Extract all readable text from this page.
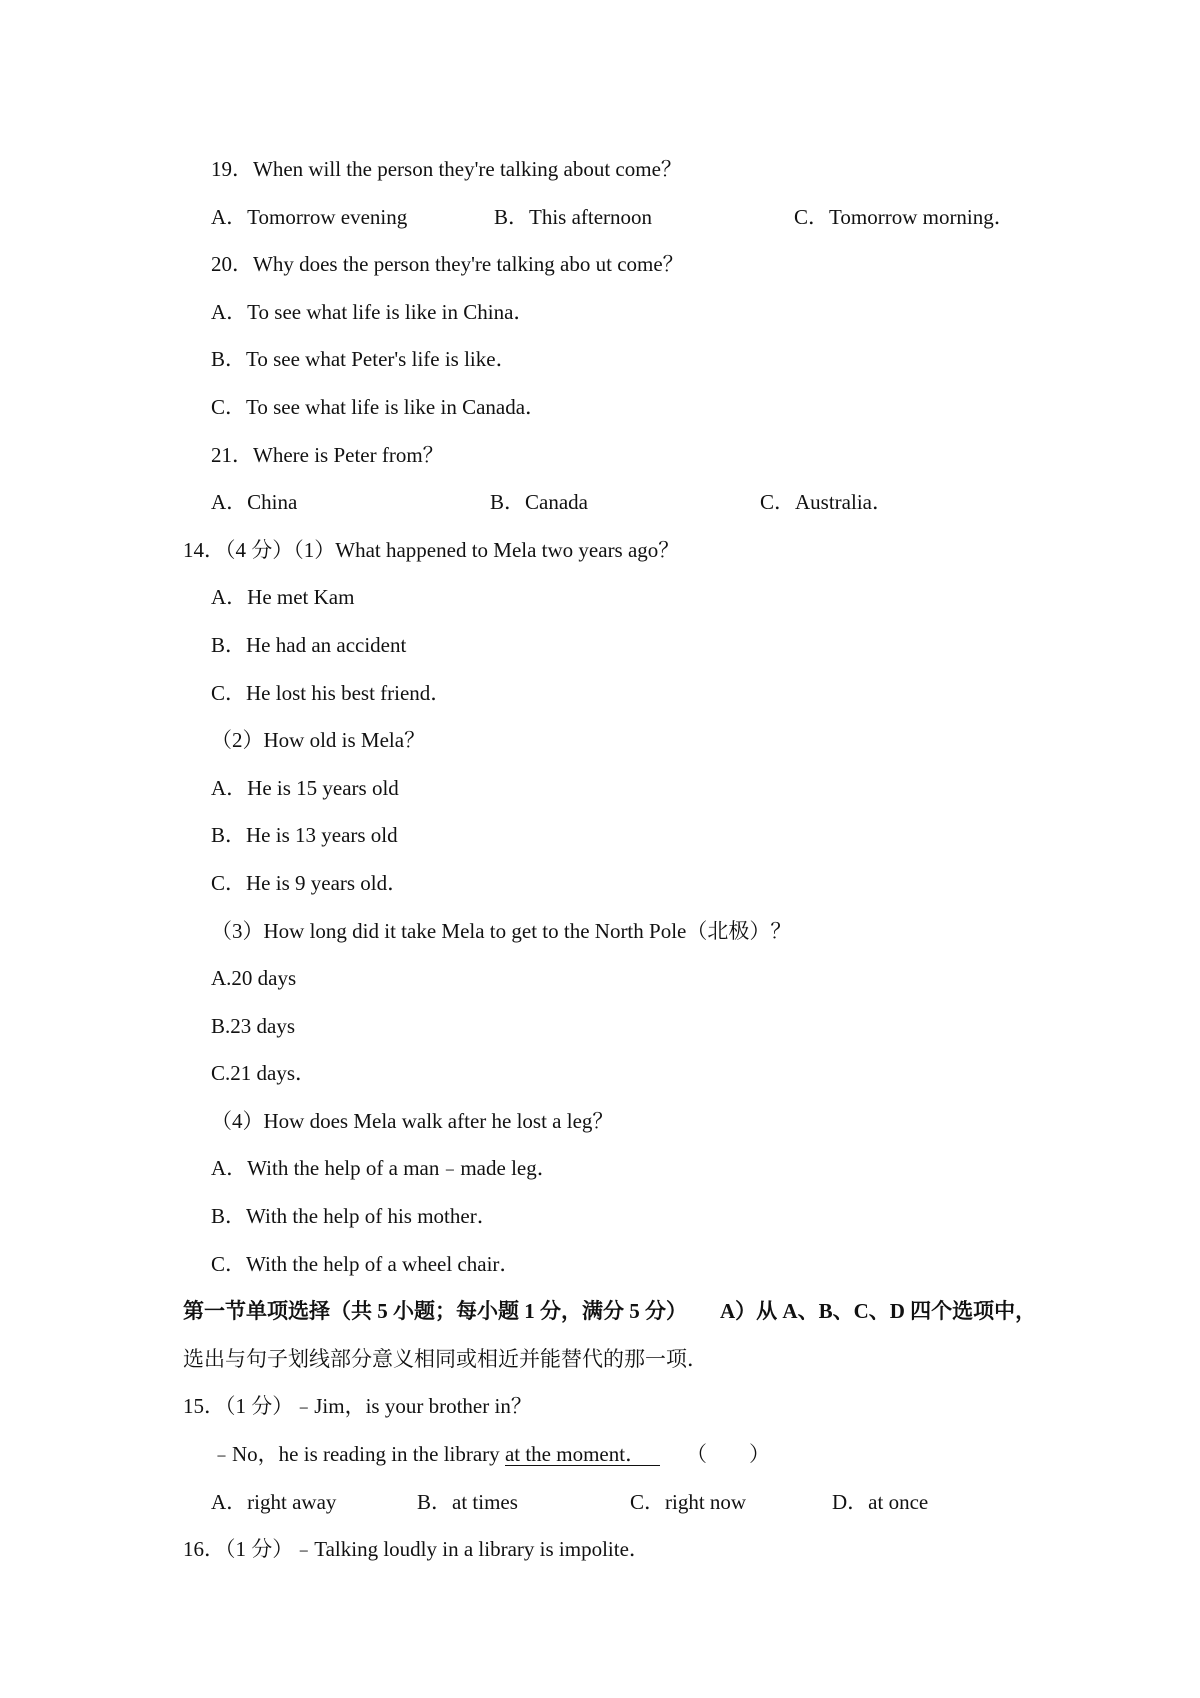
19．When will the person they're talking about come？
A．Tomorrow evening	B．This afternoon	C．Tomorrow morning．
20．Why does the person they're talking abo ut come？
A．To see what life is like in China．
B．To see what Peter's life is like．
C．To see what life is like in Canada．
21．Where is Peter from？
A．China	B．Canada	C．Australia．
14．（4 分）（1）What happened to Mela two years ago？
A．He met Kam
B．He had an accident
C．He lost his best friend．
（2）How old is Mela？
A．He is 15 years old
B．He is 13 years old
C．He is 9 years old．
（3）How long did it take Mela to get to the North Pole（北极）？
A.20 days
B.23 days
C.21 days．
（4）How does Mela walk after he lost a leg？
A．With the help of a man﹣made leg．
B．With the help of his mother．
C．With the help of a wheel chair．
第一节单项选择（共 5 小题；每小题 1 分，满分 5 分） A）从 A、B、C、D 四个选项中，
选出与句子划线部分意义相同或相近并能替代的那一项．
15．（1 分）﹣Jim，is your brother in？
﹣No，he is reading in the library at the moment． （　　）
A．right away	B．at times	C．right now	D．at once
16．（1 分）﹣Talking loudly in a library is impolite．
